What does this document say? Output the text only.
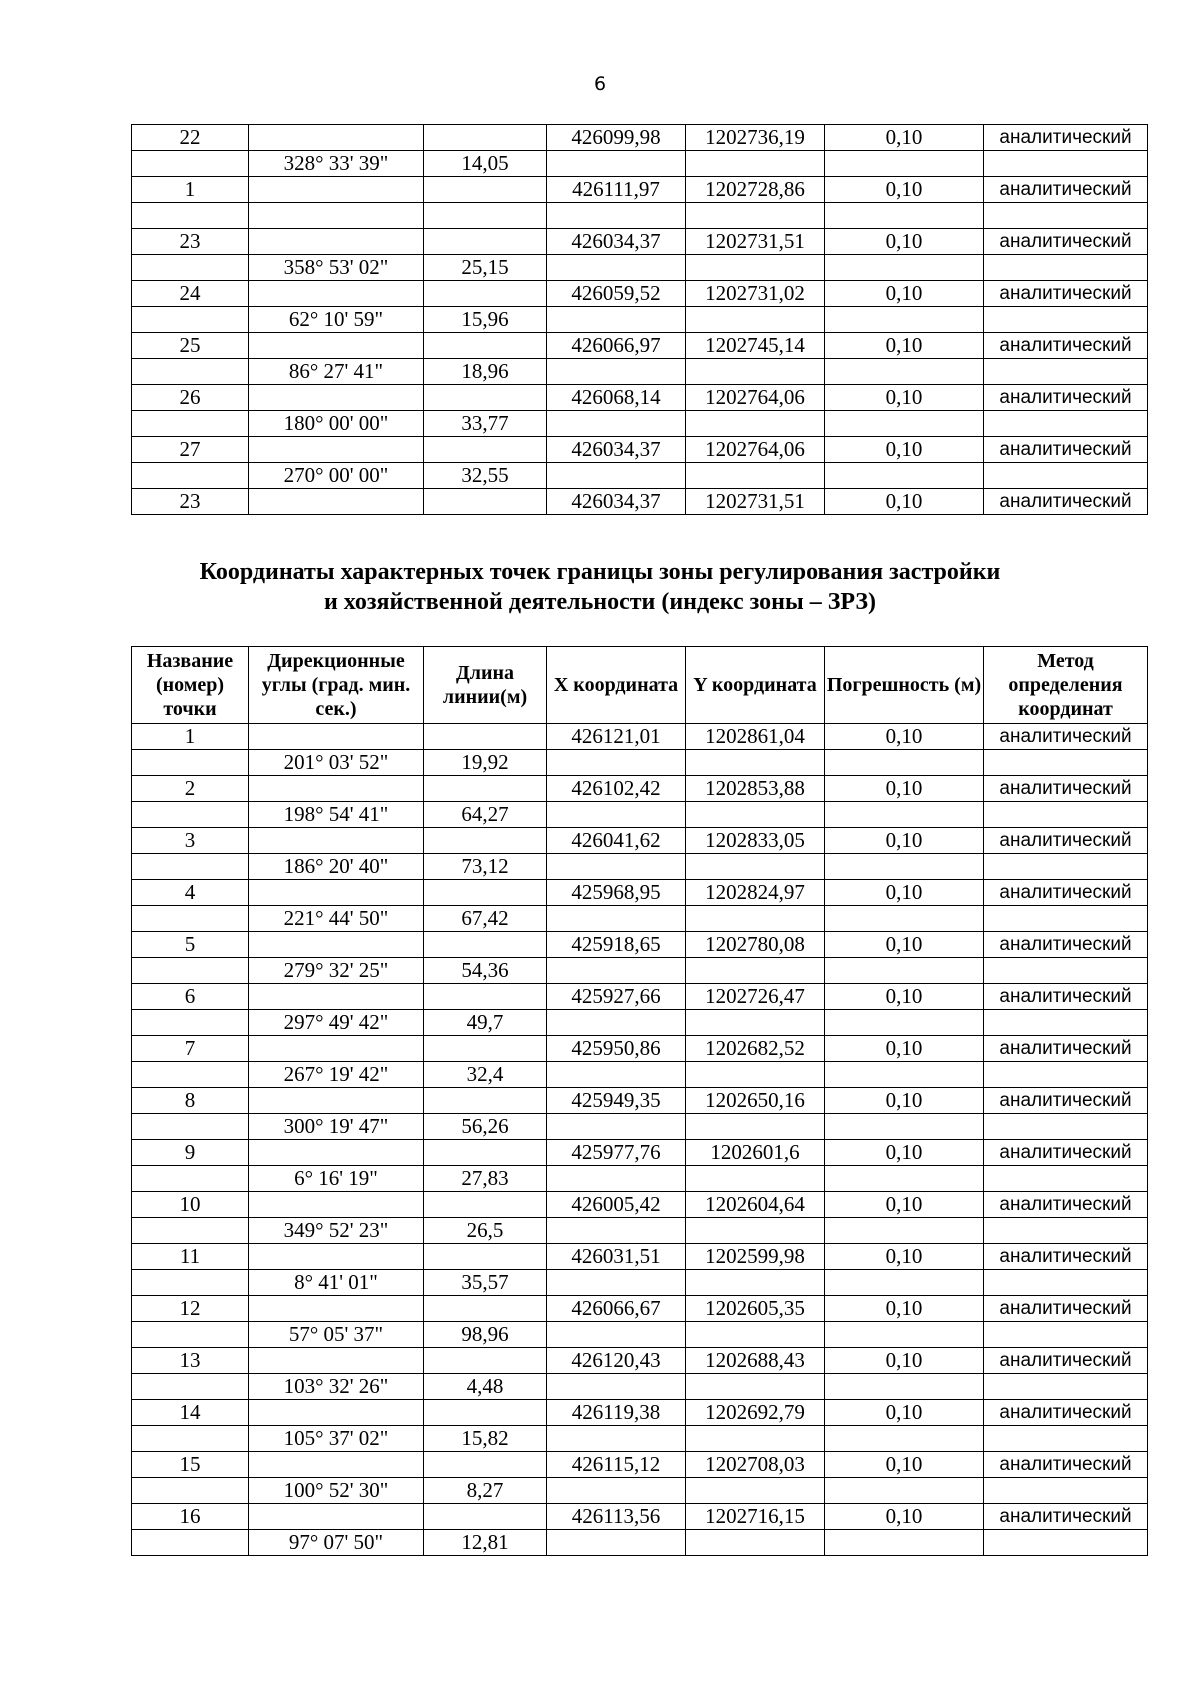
6
22			426099,98	1202736,19	0,10	аналитический
	328° 33' 39"	14,05				
1			426111,97	1202728,86	0,10	аналитический

23			426034,37	1202731,51	0,10	аналитический
	358° 53' 02"	25,15				
24			426059,52	1202731,02	0,10	аналитический
	62° 10' 59"	15,96				
25			426066,97	1202745,14	0,10	аналитический
	86° 27' 41"	18,96				
26			426068,14	1202764,06	0,10	аналитический
	180° 00' 00"	33,77				
27			426034,37	1202764,06	0,10	аналитический
	270° 00' 00"	32,55				
23			426034,37	1202731,51	0,10	аналитический
Координаты характерных точек границы зоны регулирования застройки
и хозяйственной деятельности (индекс зоны – ЗРЗ)
Название (номер) точки	Дирекционные углы (град. мин. сек.)	Длина линии(м)	X координата	Y координата	Погрешность (м)	Метод определения координат
1			426121,01	1202861,04	0,10	аналитический
	201° 03' 52"	19,92				
2			426102,42	1202853,88	0,10	аналитический
	198° 54' 41"	64,27				
3			426041,62	1202833,05	0,10	аналитический
	186° 20' 40"	73,12				
4			425968,95	1202824,97	0,10	аналитический
	221° 44' 50"	67,42				
5			425918,65	1202780,08	0,10	аналитический
	279° 32' 25"	54,36				
6			425927,66	1202726,47	0,10	аналитический
	297° 49' 42"	49,7				
7			425950,86	1202682,52	0,10	аналитический
	267° 19' 42"	32,4				
8			425949,35	1202650,16	0,10	аналитический
	300° 19' 47"	56,26				
9			425977,76	1202601,6	0,10	аналитический
	6° 16' 19"	27,83				
10			426005,42	1202604,64	0,10	аналитический
	349° 52' 23"	26,5				
11			426031,51	1202599,98	0,10	аналитический
	8° 41' 01"	35,57				
12			426066,67	1202605,35	0,10	аналитический
	57° 05' 37"	98,96				
13			426120,43	1202688,43	0,10	аналитический
	103° 32' 26"	4,48				
14			426119,38	1202692,79	0,10	аналитический
	105° 37' 02"	15,82				
15			426115,12	1202708,03	0,10	аналитический
	100° 52' 30"	8,27				
16			426113,56	1202716,15	0,10	аналитический
	97° 07' 50"	12,81				
